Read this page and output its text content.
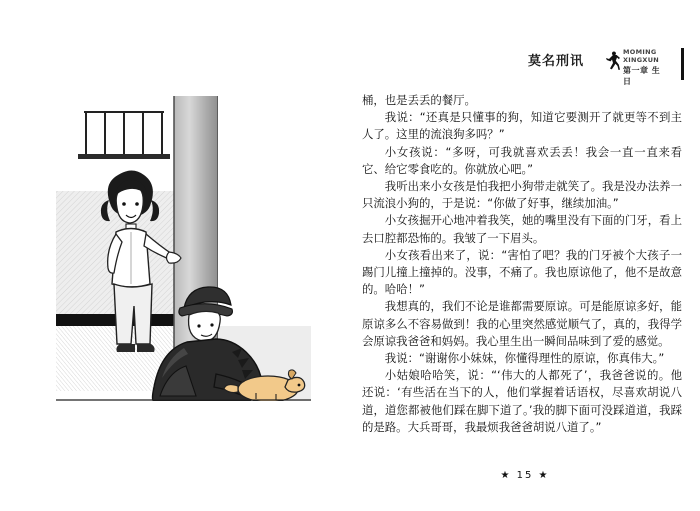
莫名刑讯
MOMING
XINGXUN
第一章 生日

桶，也是丢丢的餐厅。

我说：“还真是只懂事的狗，知道它要测开了就更等不到主人了。这里的流浪狗多吗？”

小女孩说：“多呀，可我就喜欢丢丢！我会一直一直来看它、给它零食吃的。你就放心吧。”

我听出来小女孩是怕我把小狗带走就笑了。我是没办法养一只流浪小狗的，于是说：“你做了好事，继续加油。”

小女孩掘开心地冲着我笑，她的嘴里没有下面的门牙，看上去口腔都恐怖的。我皱了一下眉头。

小女孩看出来了，说：“害怕了吧？我的门牙被个大孩子一踢门儿撞上撞掉的。没事，不痛了。我也原谅他了，他不是故意的。哈哈！”

我想真的，我们不论是谁都需要原谅。可是能原谅多好，能原谅多么不容易做到！我的心里突然感觉顺气了，真的，我得学会原谅我爸爸和妈妈。我心里生出一瞬间品味到了爱的感觉。

我说：“谢谢你小妹妹，你懂得理性的原谅，你真伟大。”

小姑娘哈哈笑，说：“‘伟大的人都死了’，我爸爸说的。他还说：‘有些活在当下的人，他们掌握着话语权，尽喜欢胡说八道，道您都被他们踩在脚下道了。’我的脚下面可没踩道道，我踩的是路。大兵哥哥，我最烦我爸爸胡说八道了。”

★ 15 ★
